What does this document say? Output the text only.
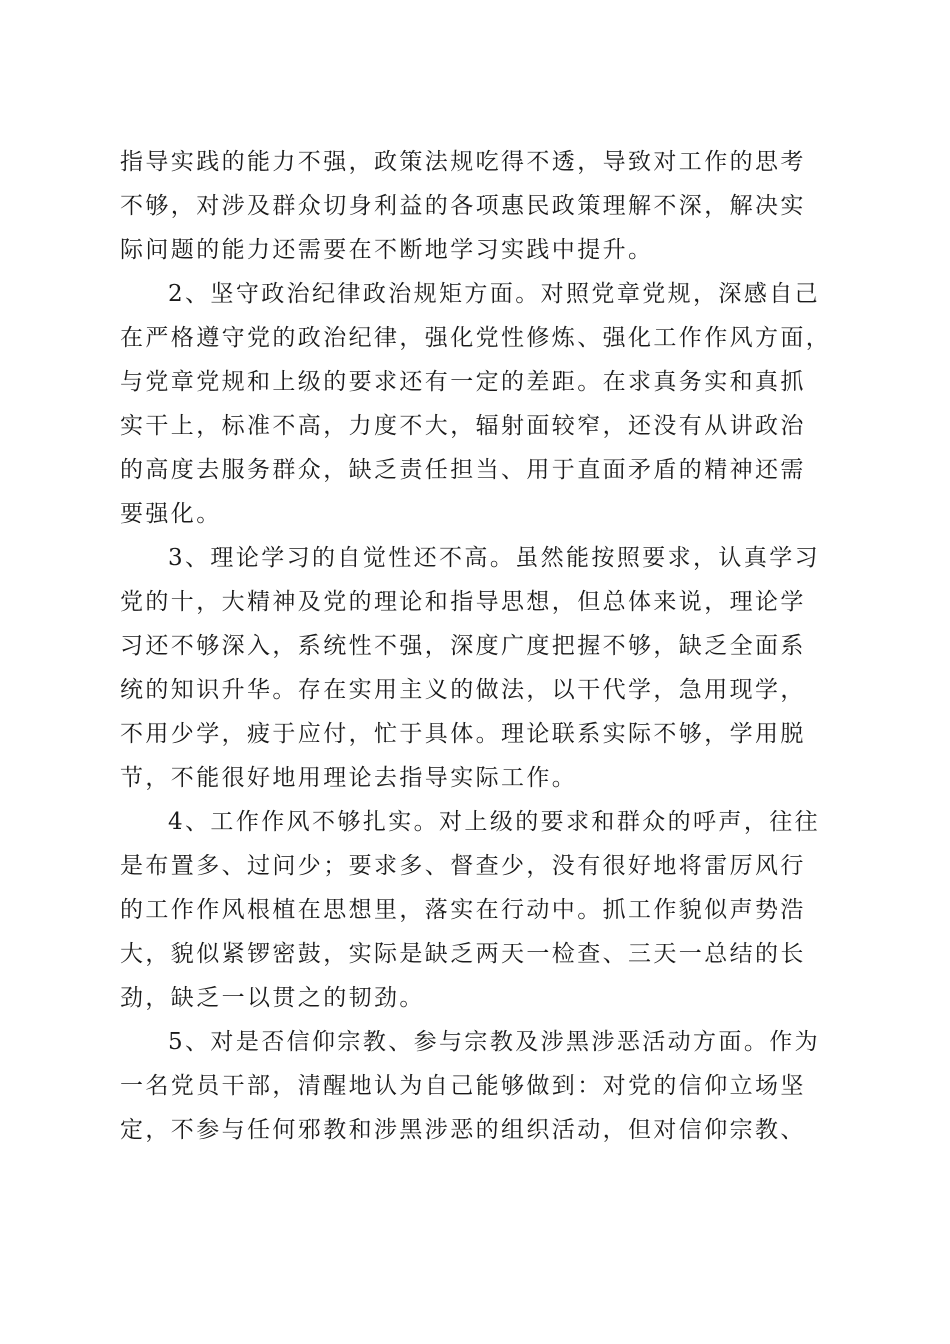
指导实践的能力不强，政策法规吃得不透，导致对工作的思考
不够，对涉及群众切身利益的各项惠民政策理解不深，解决实
际问题的能力还需要在不断地学习实践中提升。
2、坚守政治纪律政治规矩方面。对照党章党规，深感自己
在严格遵守党的政治纪律，强化党性修炼、强化工作作风方面，
与党章党规和上级的要求还有一定的差距。在求真务实和真抓
实干上，标准不高，力度不大，辐射面较窄，还没有从讲政治
的高度去服务群众，缺乏责任担当、用于直面矛盾的精神还需
要强化。
3、理论学习的自觉性还不高。虽然能按照要求，认真学习
党的十，大精神及党的理论和指导思想，但总体来说，理论学
习还不够深入，系统性不强，深度广度把握不够，缺乏全面系
统的知识升华。存在实用主义的做法，以干代学，急用现学，
不用少学，疲于应付，忙于具体。理论联系实际不够，学用脱
节，不能很好地用理论去指导实际工作。
4、工作作风不够扎实。对上级的要求和群众的呼声，往往
是布置多、过问少；要求多、督查少，没有很好地将雷厉风行
的工作作风根植在思想里，落实在行动中。抓工作貌似声势浩
大，貌似紧锣密鼓，实际是缺乏两天一检查、三天一总结的长
劲，缺乏一以贯之的韧劲。
5、对是否信仰宗教、参与宗教及涉黑涉恶活动方面。作为
一名党员干部，清醒地认为自己能够做到：对党的信仰立场坚
定，不参与任何邪教和涉黑涉恶的组织活动，但对信仰宗教、
